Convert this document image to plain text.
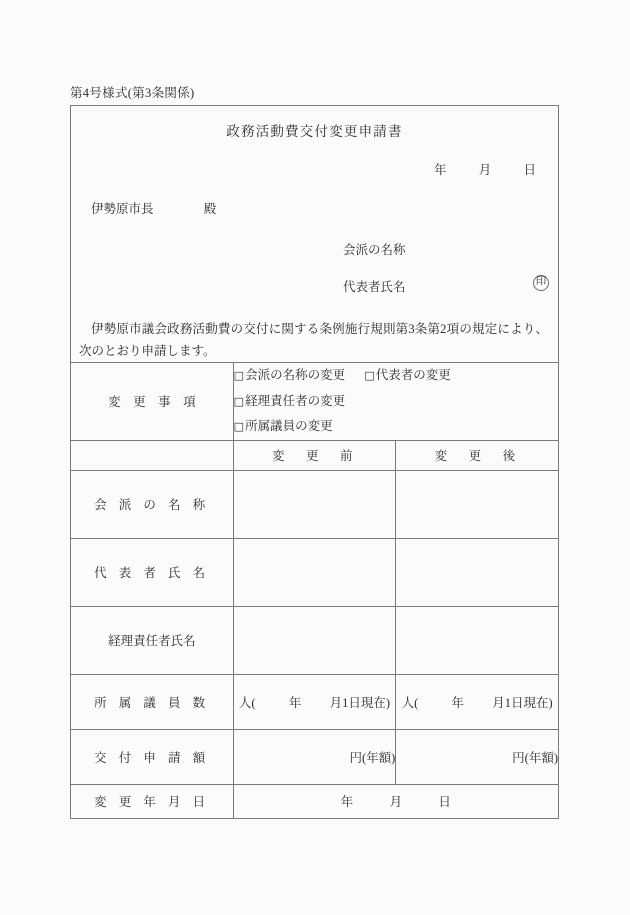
第4号様式(第3条関係)
政務活動費交付変更申請書
年	月	日
伊勢原市長	殿
会派の名称
代表者氏名	印
伊勢原市議会政務活動費の交付に関する条例施行規則第3条第2項の規定により、次のとおり申請します。

変　更　事　項	□会派の名称の変更 □代表者の変更  □経理責任者の変更
□所属議員の変更	

	変　更　前	変　更　後
会 派 の 名 称		
代 表 者 氏 名		
経理責任者氏名		
所 属 議 員 数	人( 年 月1日現在)	人( 年 月1日現在)
交 付 申 請 額	円(年額)	円(年額)
変 更 年 月 日	年 月 日	
